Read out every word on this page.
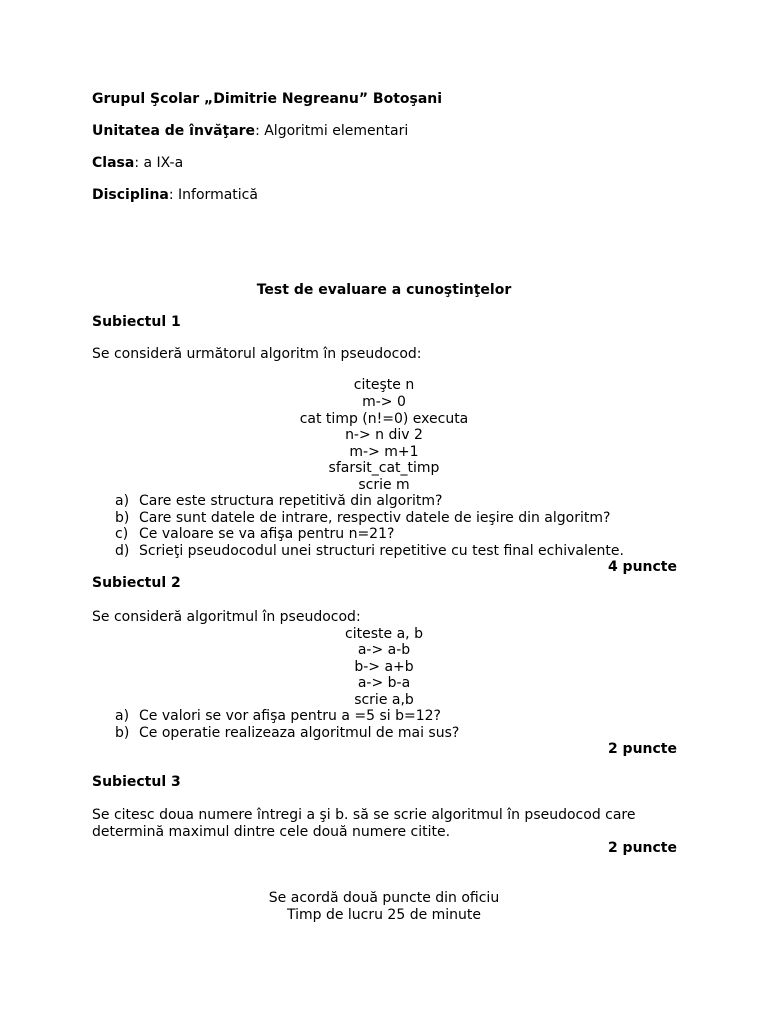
Grupul Şcolar „Dimitrie Negreanu” Botoşani
Unitatea de învăţare: Algoritmi elementari
Clasa: a IX-a
Disciplina: Informatică
Test de evaluare a cunoştinţelor
Subiectul 1
Se consideră următorul algoritm în pseudocod:
citeşte n
m-> 0
cat timp (n!=0) executa
n-> n div 2
m-> m+1
sfarsit_cat_timp
scrie m
a) Care este structura repetitivă din algoritm?
b) Care sunt datele de intrare, respectiv datele de ieşire din algoritm?
c) Ce valoare se va afişa pentru n=21?
d) Scrieţi pseudocodul unei structuri repetitive cu test final echivalente.
4 puncte
Subiectul 2
Se consideră algoritmul în pseudocod:
citeste a, b
a-> a-b
b-> a+b
a-> b-a
scrie a,b
a) Ce valori se vor afişa pentru a =5 si b=12?
b) Ce operatie realizeaza algoritmul de mai sus?
2 puncte
Subiectul 3
Se citesc doua numere întregi a şi b. să se scrie algoritmul în pseudocod care
determină maximul dintre cele două numere citite.
2 puncte
Se acordă două puncte din oficiu
Timp de lucru 25 de minute
